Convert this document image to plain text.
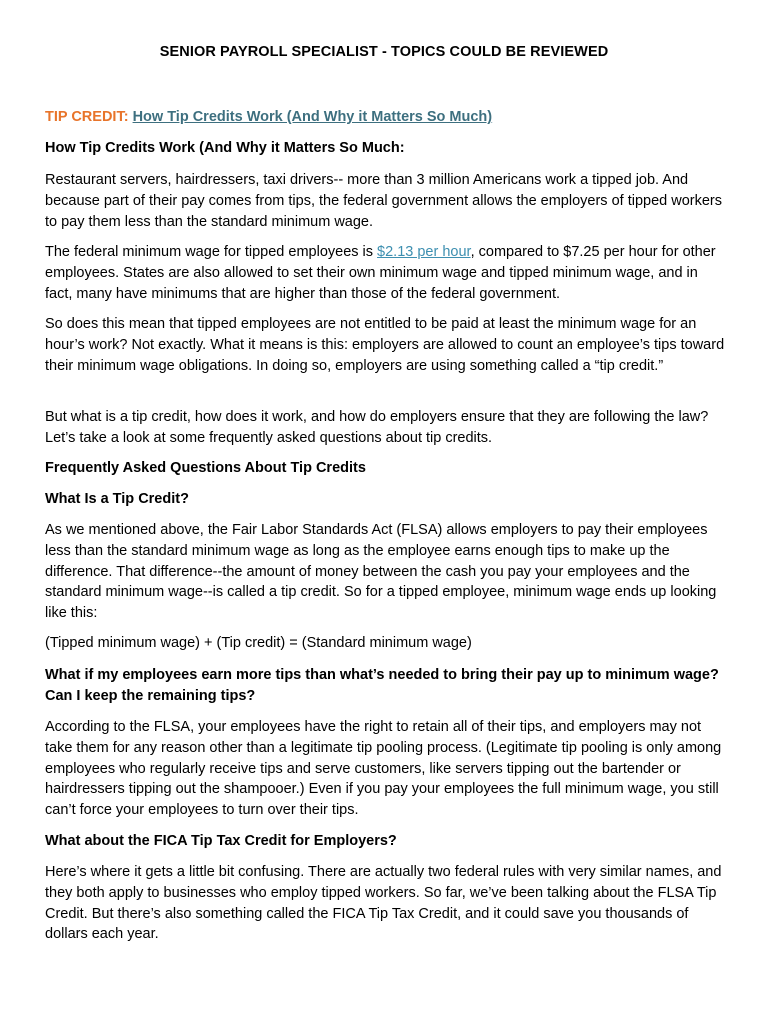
SENIOR PAYROLL SPECIALIST - TOPICS COULD BE REVIEWED

TIP CREDIT: How Tip Credits Work (And Why it Matters So Much)

How Tip Credits Work (And Why it Matters So Much:

Restaurant servers, hairdressers, taxi drivers-- more than 3 million Americans work a tipped job. And because part of their pay comes from tips, the federal government allows the employers of tipped workers to pay them less than the standard minimum wage.

The federal minimum wage for tipped employees is $2.13 per hour, compared to $7.25 per hour for other employees. States are also allowed to set their own minimum wage and tipped minimum wage, and in fact, many have minimums that are higher than those of the federal government.

So does this mean that tipped employees are not entitled to be paid at least the minimum wage for an hour’s work? Not exactly. What it means is this: employers are allowed to count an employee’s tips toward their minimum wage obligations. In doing so, employers are using something called a “tip credit.”

But what is a tip credit, how does it work, and how do employers ensure that they are following the law? Let’s take a look at some frequently asked questions about tip credits.

Frequently Asked Questions About Tip Credits

What Is a Tip Credit?

As we mentioned above, the Fair Labor Standards Act (FLSA) allows employers to pay their employees less than the standard minimum wage as long as the employee earns enough tips to make up the difference. That difference--the amount of money between the cash you pay your employees and the standard minimum wage--is called a tip credit. So for a tipped employee, minimum wage ends up looking like this:

(Tipped minimum wage) + (Tip credit) = (Standard minimum wage)

What if my employees earn more tips than what’s needed to bring their pay up to minimum wage? Can I keep the remaining tips?

According to the FLSA, your employees have the right to retain all of their tips, and employers may not take them for any reason other than a legitimate tip pooling process. (Legitimate tip pooling is only among employees who regularly receive tips and serve customers, like servers tipping out the bartender or hairdressers tipping out the shampooer.) Even if you pay your employees the full minimum wage, you still can’t force your employees to turn over their tips.

What about the FICA Tip Tax Credit for Employers?

Here’s where it gets a little bit confusing. There are actually two federal rules with very similar names, and they both apply to businesses who employ tipped workers. So far, we’ve been talking about the FLSA Tip Credit. But there’s also something called the FICA Tip Tax Credit, and it could save you thousands of dollars each year.
